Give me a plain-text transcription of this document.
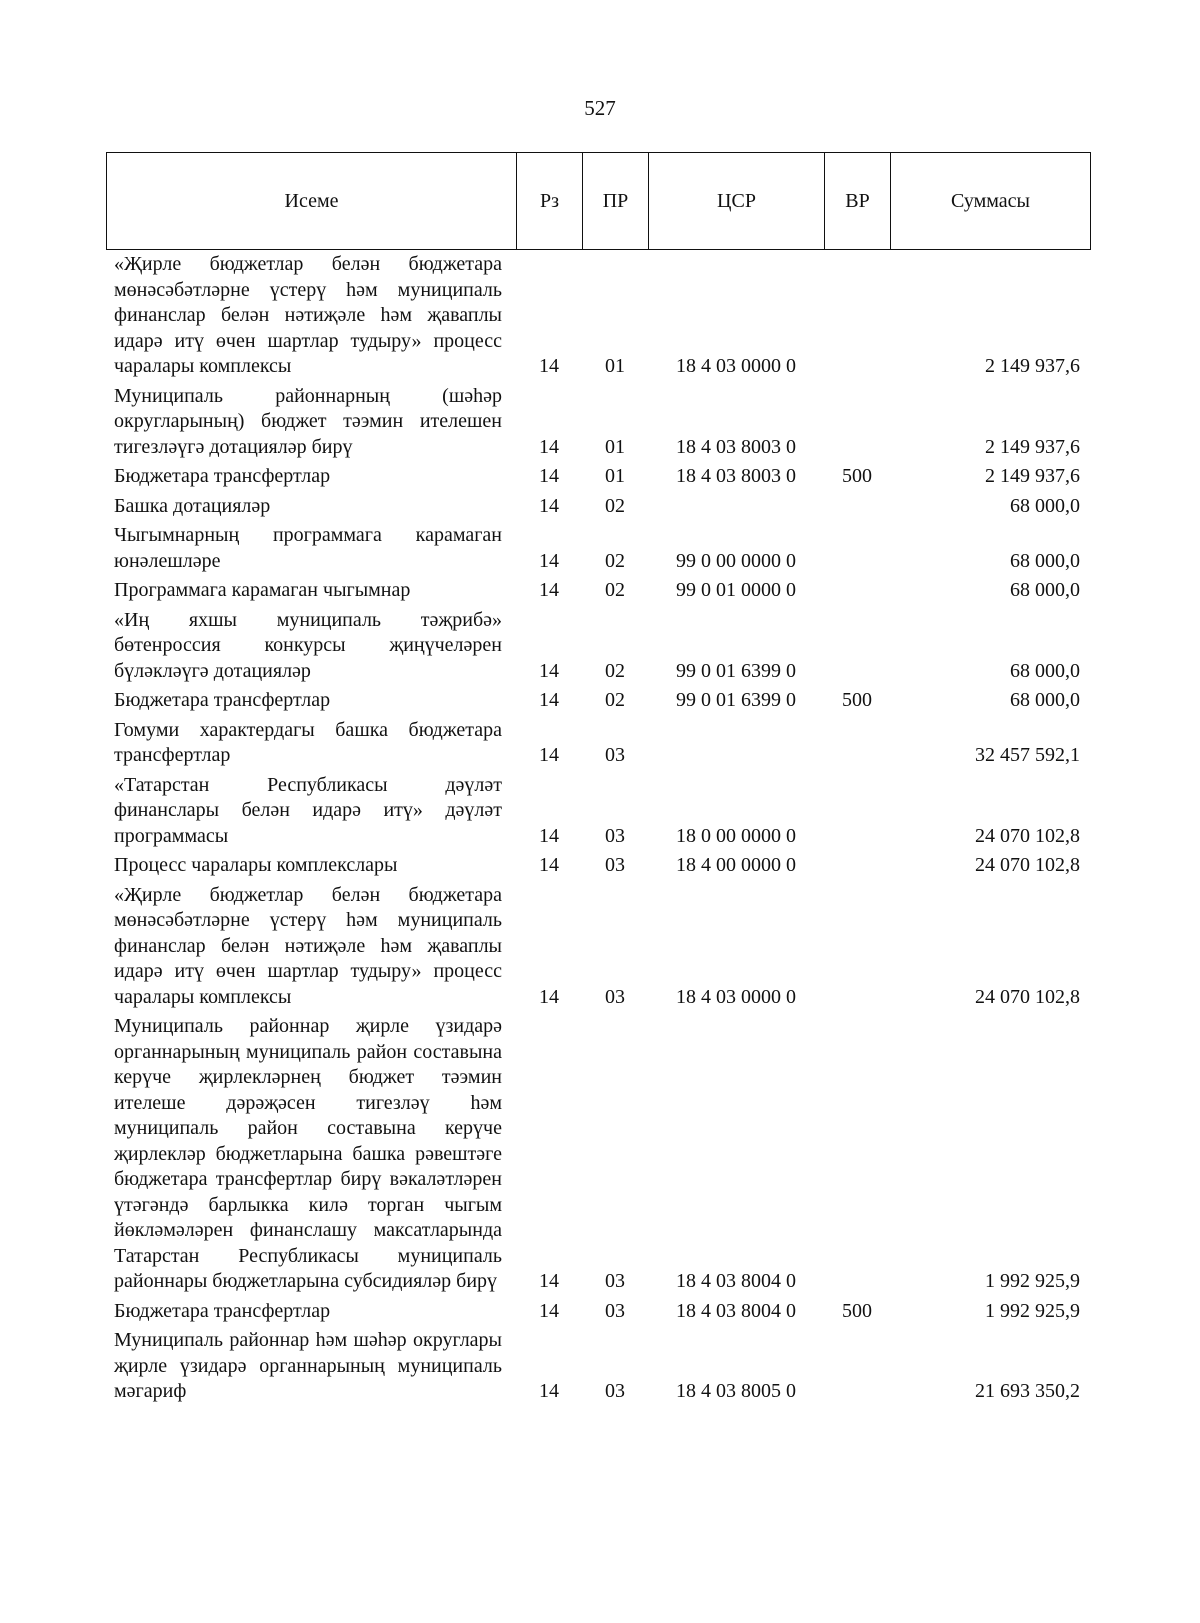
527
Исеме	Рз	ПР	ЦСР	ВР	Суммасы
«Җирле бюджетлар белән бюджетара мөнәсәбәтләрне үстерү һәм муниципаль финанслар белән нәтиҗәле һәм җаваплы идарә итү өчен шартлар тудыру» процесс чаралары комплексы	14	01	18 4 03 0000 0		2 149 937,6
Муниципаль районнарның (шәһәр округларының) бюджет тәэмин ителешен тигезләүгә дотацияләр бирү	14	01	18 4 03 8003 0		2 149 937,6
Бюджетара трансфертлар	14	01	18 4 03 8003 0	500	2 149 937,6
Башка дотацияләр	14	02			68 000,0
Чыгымнарның программага карамаган юнәлешләре	14	02	99 0 00 0000 0		68 000,0
Программага карамаган чыгымнар	14	02	99 0 01 0000 0		68 000,0
«Иң яхшы муниципаль тәҗрибә» бөтенроссия конкурсы җиңүчеләрен бүләкләүгә дотацияләр	14	02	99 0 01 6399 0		68 000,0
Бюджетара трансфертлар	14	02	99 0 01 6399 0	500	68 000,0
Гомуми характердагы башка бюджетара трансфертлар	14	03			32 457 592,1
«Татарстан Республикасы дәүләт финанслары белән идарә итү» дәүләт программасы	14	03	18 0 00 0000 0		24 070 102,8
Процесс чаралары комплекслары	14	03	18 4 00 0000 0		24 070 102,8
«Җирле бюджетлар белән бюджетара мөнәсәбәтләрне үстерү һәм муниципаль финанслар белән нәтиҗәле һәм җаваплы идарә итү өчен шартлар тудыру» процесс чаралары комплексы	14	03	18 4 03 0000 0		24 070 102,8
Муниципаль районнар җирле үзидарә органнарының муниципаль район составына керүче җирлекләрнең бюджет тәэмин ителеше дәрәҗәсен тигезләү һәм муниципаль район составына керүче җирлекләр бюджетларына башка рәвештәге бюджетара трансфертлар бирү вәкаләтләрен үтәгәндә барлыкка килә торган чыгым йөкләмәләрен финанслашу максатларында Татарстан Республикасы муниципаль районнары бюджетларына субсидияләр бирү	14	03	18 4 03 8004 0		1 992 925,9
Бюджетара трансфертлар	14	03	18 4 03 8004 0	500	1 992 925,9
Муниципаль районнар һәм шәһәр округлары җирле үзидарә органнарының муниципаль мәгариф	14	03	18 4 03 8005 0		21 693 350,2
